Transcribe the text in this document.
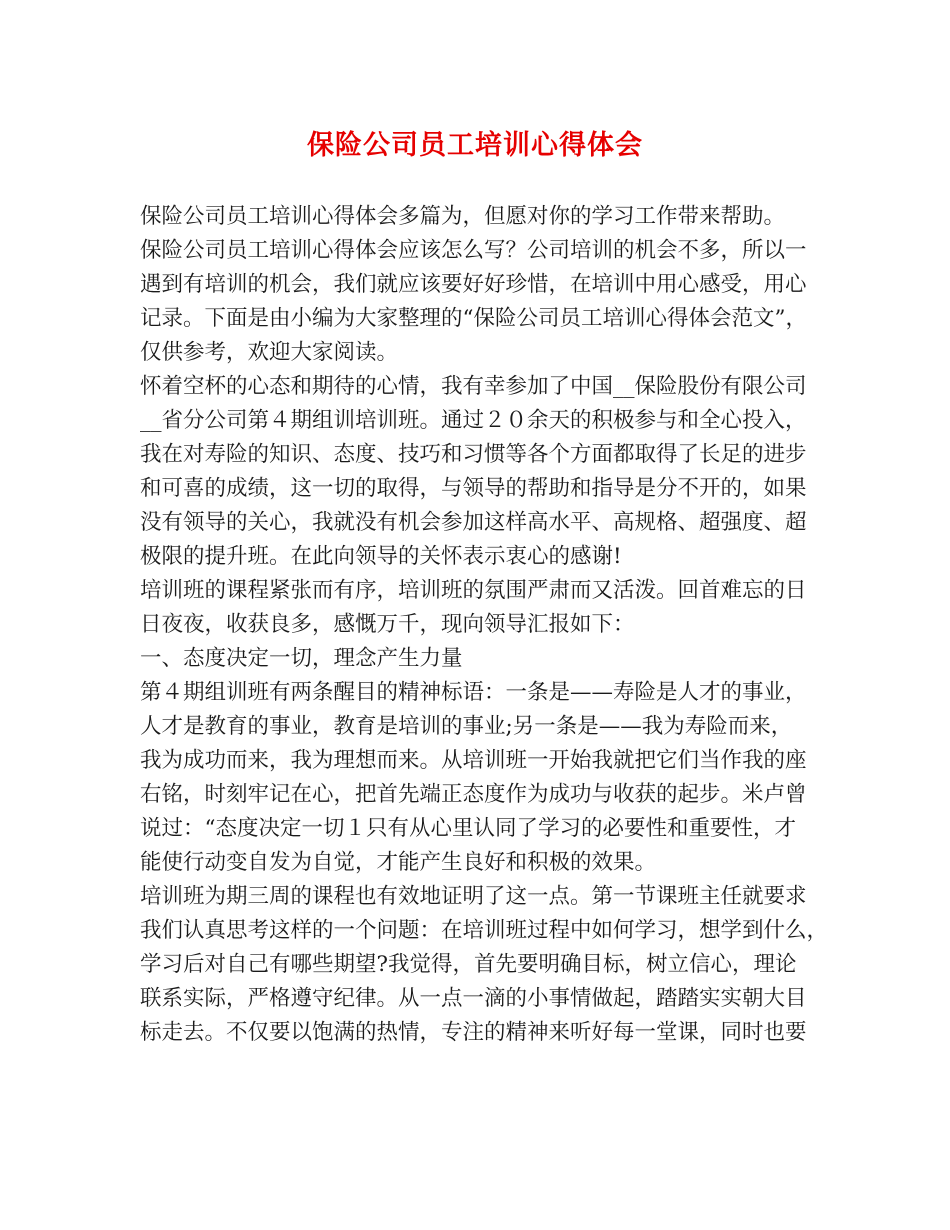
保险公司员工培训心得体会
保险公司员工培训心得体会多篇为，但愿对你的学习工作带来帮助。
保险公司员工培训心得体会应该怎么写？公司培训的机会不多，所以一
遇到有培训的机会，我们就应该要好好珍惜，在培训中用心感受，用心
记录。下面是由小编为大家整理的“保险公司员工培训心得体会范文”，
仅供参考，欢迎大家阅读。
怀着空杯的心态和期待的心情，我有幸参加了中国__保险股份有限公司
__省分公司第４期组训培训班。通过２０余天的积极参与和全心投入，
我在对寿险的知识、态度、技巧和习惯等各个方面都取得了长足的进步
和可喜的成绩，这一切的取得，与领导的帮助和指导是分不开的，如果
没有领导的关心，我就没有机会参加这样高水平、高规格、超强度、超
极限的提升班。在此向领导的关怀表示衷心的感谢!
培训班的课程紧张而有序，培训班的氛围严肃而又活泼。回首难忘的日
日夜夜，收获良多，感慨万千，现向领导汇报如下：
一、态度决定一切，理念产生力量
第４期组训班有两条醒目的精神标语：一条是——寿险是人才的事业，
人才是教育的事业，教育是培训的事业;另一条是——我为寿险而来，
我为成功而来，我为理想而来。从培训班一开始我就把它们当作我的座
右铭，时刻牢记在心，把首先端正态度作为成功与收获的起步。米卢曾
说过：“态度决定一切１只有从心里认同了学习的必要性和重要性，才
能使行动变自发为自觉，才能产生良好和积极的效果。
培训班为期三周的课程也有效地证明了这一点。第一节课班主任就要求
我们认真思考这样的一个问题：在培训班过程中如何学习，想学到什么，
学习后对自己有哪些期望?我觉得，首先要明确目标，树立信心，理论
联系实际，严格遵守纪律。从一点一滴的小事情做起，踏踏实实朝大目
标走去。不仅要以饱满的热情，专注的精神来听好每一堂课，同时也要
